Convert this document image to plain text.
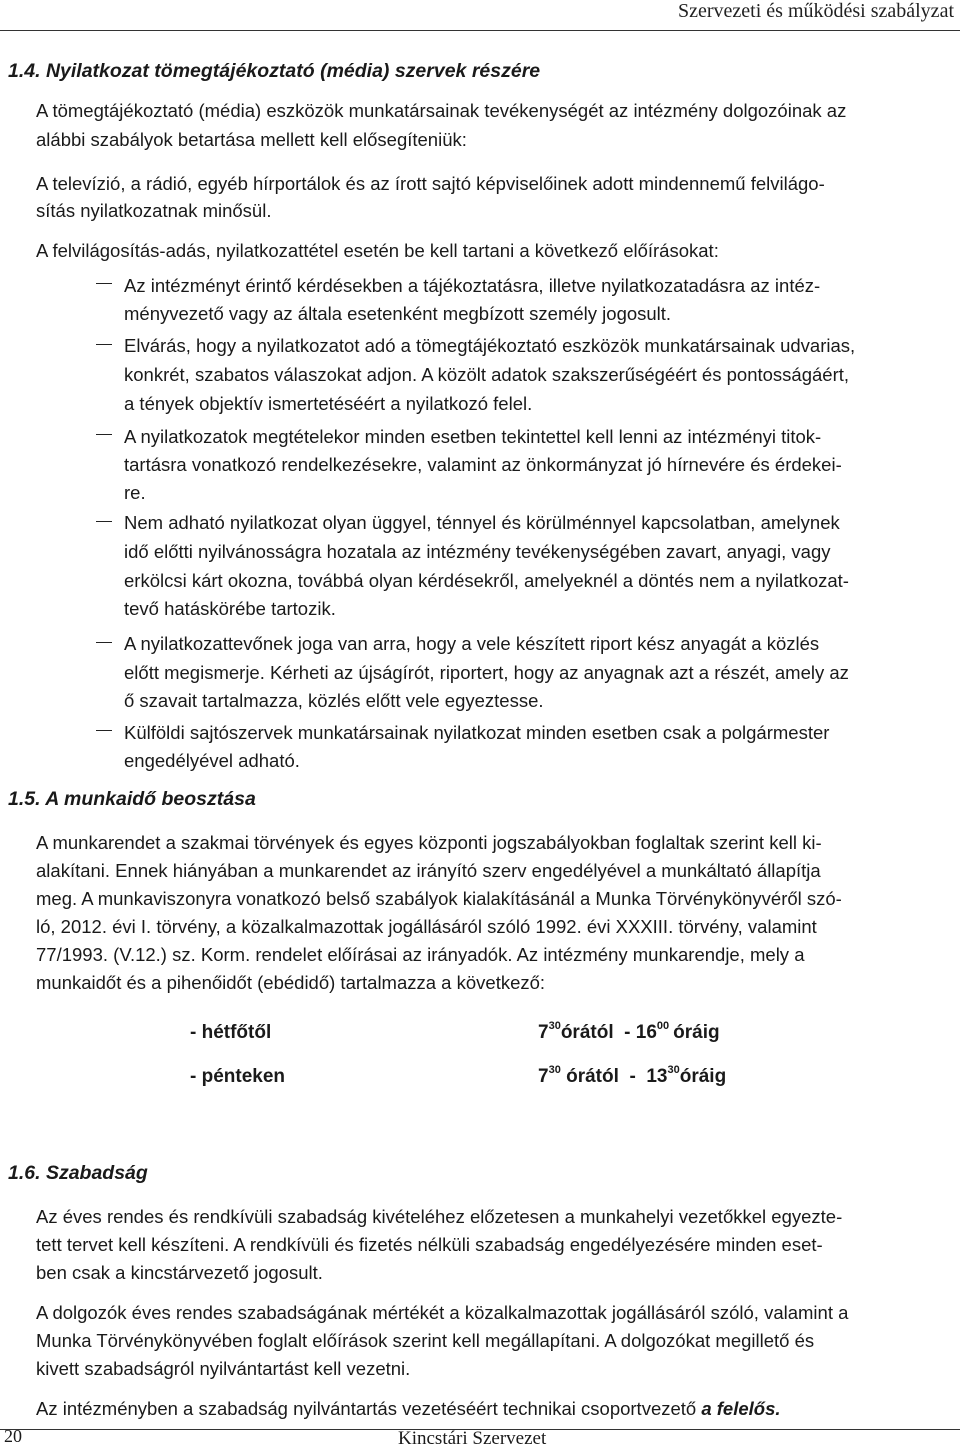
Szervezeti és működési szabályzat
1.4. Nyilatkozat tömegtájékoztató (média) szervek részére
A tömegtájékoztató (média) eszközök munkatársainak tevékenységét az intézmény dolgozóinak az
alábbi szabályok betartása mellett kell elősegíteniük:
A televízió, a rádió, egyéb hírportálok és az írott sajtó képviselőinek adott mindennemű felvilágo-
sítás nyilatkozatnak minősül.
A felvilágosítás-adás, nyilatkozattétel esetén be kell tartani a következő előírásokat:
Az intézményt érintő kérdésekben a tájékoztatásra, illetve nyilatkozatadásra az intéz-
ményvezető vagy az általa esetenként megbízott személy jogosult.
Elvárás, hogy a nyilatkozatot adó a tömegtájékoztató eszközök munkatársainak udvarias,
konkrét, szabatos válaszokat adjon. A közölt adatok szakszerűségéért és pontosságáért,
a tények objektív ismertetéséért a nyilatkozó felel.
A nyilatkozatok megtételekor minden esetben tekintettel kell lenni az intézményi titok-
tartásra vonatkozó rendelkezésekre, valamint az önkormányzat jó hírnevére és érdekei-
re.
Nem adható nyilatkozat olyan üggyel, ténnyel és körülménnyel kapcsolatban, amelynek
idő előtti nyilvánosságra hozatala az intézmény tevékenységében zavart, anyagi, vagy
erkölcsi kárt okozna, továbbá olyan kérdésekről, amelyeknél a döntés nem a nyilatkozat-
tevő hatáskörébe tartozik.
A nyilatkozattevőnek joga van arra, hogy a vele készített riport kész anyagát a közlés
előtt megismerje. Kérheti az újságírót, riportert, hogy az anyagnak azt a részét, amely az
ő szavait tartalmazza, közlés előtt vele egyeztesse.
Külföldi sajtószervek munkatársainak nyilatkozat minden esetben csak a polgármester
engedélyével adható.
1.5. A munkaidő beosztása
A munkarendet a szakmai törvények és egyes központi jogszabályokban foglaltak szerint kell ki-
alakítani. Ennek hiányában a munkarendet az irányító szerv engedélyével a munkáltató állapítja
meg. A munkaviszonyra vonatkozó belső szabályok kialakításánál a Munka Törvénykönyvéről szó-
ló, 2012. évi I. törvény, a közalkalmazottak jogállásáról szóló 1992. évi XXXIII. törvény, valamint
77/1993. (V.12.) sz. Korm. rendelet előírásai az irányadók. Az intézmény munkarendje, mely a
munkaidőt és a pihenőidőt (ebédidő) tartalmazza a következő:
- hétfőtől	$7^{30}órától - 16^{00}$ óráig
- pénteken	$7^{30}$ órától  -  $13^{30}óráig$
1.6. Szabadság
Az éves rendes és rendkívüli szabadság kivételéhez előzetesen a munkahelyi vezetőkkel egyezte-
tett tervet kell készíteni. A rendkívüli és fizetés nélküli szabadság engedélyezésére minden eset-
ben csak a kincstárvezető jogosult.
A dolgozók éves rendes szabadságának mértékét a közalkalmazottak jogállásáról szóló, valamint a
Munka Törvénykönyvében foglalt előírások szerint kell megállapítani. A dolgozókat megillető és
kivett szabadságról nyilvántartást kell vezetni.
Az intézményben a szabadság nyilvántartás vezetéséért technikai csoportvezető a felelős.
20	Kincstári Szervezet
